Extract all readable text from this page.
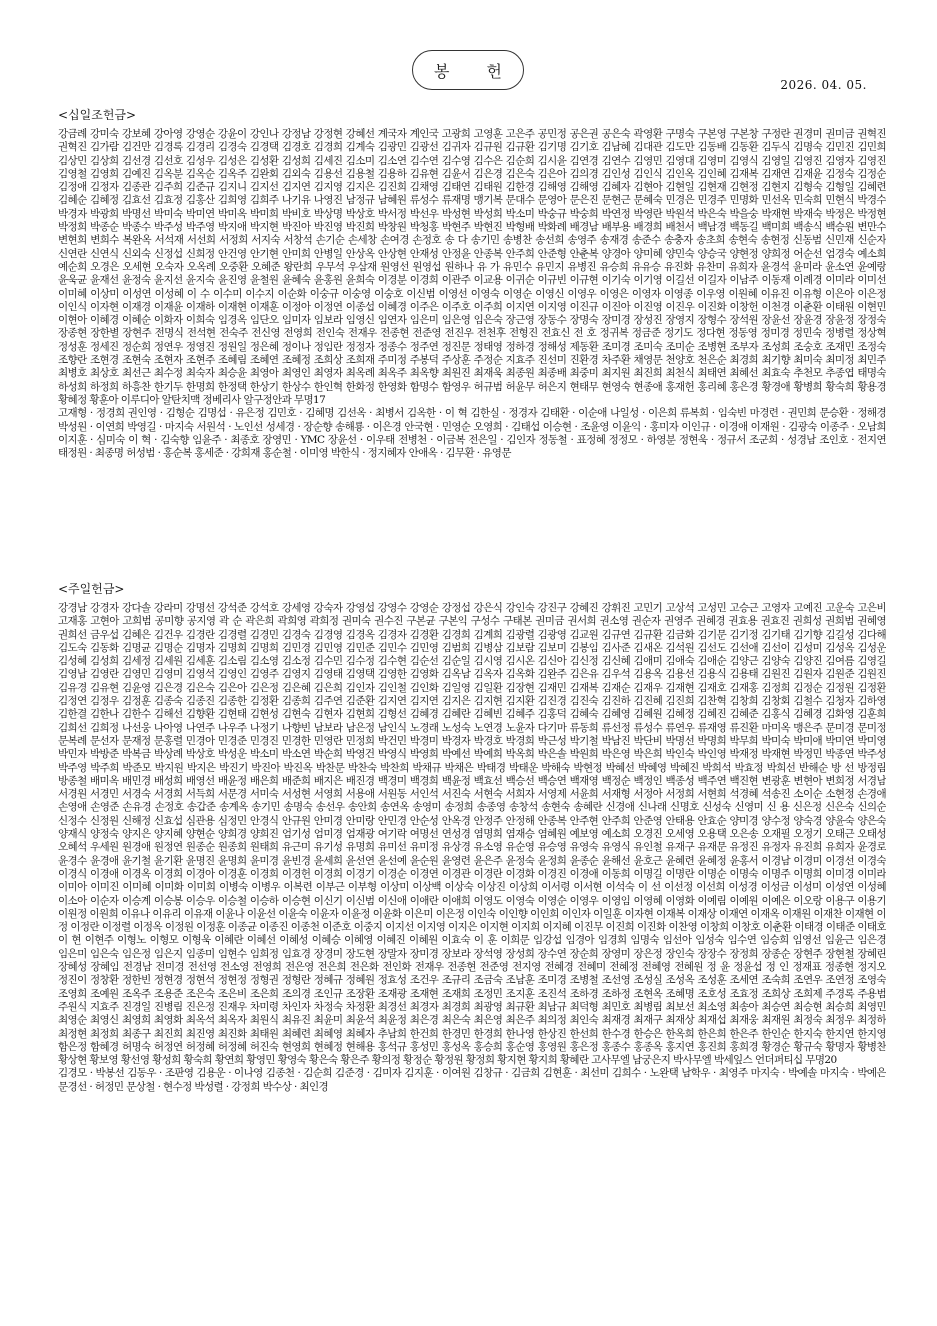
봉 헌
2026. 04. 05.
<십일조헌금>
강금례 강미숙 강보혜 강아영 강영순 강윤이 강인나 강정남 강정현 강혜선 계국자 계인국 고광희 고영훈 고은주 공민정 공은권 공은숙 곽영환 구명숙 구본영 구본창 구정란 권경미 권미금 권혁진 권혁진 김가람 김건만 김경록 김경리 김경숙 김경택 김경호 김경희 김계숙 김광민 김광선 김귀자 김규원 김규환 김기명 김기호 김남혜 김대관 김도만 김동배 김동환 김두식 김명숙 김민진 김민희 김상민 김상희 김선경 김선호 김성우 김성은 김성환 김성희 김세진 김소미 김소연 김수연 김수영 김수은 김순희 김시윤 김연경 김연수 김영민 김영대 김영미 김영식 김영일 김영진 김영자 김영진 김영철 김영희 김예진 김옥분 김옥순 김옥주 김완회 김외숙 김용선 김용철 김용하 김유현 김윤서 김은경 김은숙 김은아 김의경 김인성 김인식 김인옥 김인혜 김재복 김재연 김재윤 김정숙 김정순 김정애 김정자 김종관 김주희 김준규 김지니 김지선 김지연 김지영 김지은 김진희 김채영 김태연 김태원 김한경 김해영 김해영 김혜자 김현아 김현일 김현재 김현정 김현지 김형숙 김형일 김혜련 김혜순 김혜정 김효선 김효정 김홍산 김희영 김희주 나기유 나영진 남정규 남혜원 류성수 류재명 맹기복 문대수 문영아 문은진 문현근 문혜숙 민경은 민경주 민명화 민선옥 민숙희 민현식 박경수 박경자 박광희 박명선 박미숙 박미연 박미옥 박미희 박비호 박상명 박상호 박서정 박선우 박성현 박성희 박소미 박숭규 박숭희 박연정 박영란 박원석 박은숙 박을숭 박재현 박재숙 박정은 박정현 박정희 박종순 박종수 박주성 박주영 박지애 박지현 박진아 박진영 박진희 박창원 박청홍 박현주 박현진 박형배 박화례 배경남 배부용 배경희 배천서 백남경 백동길 백미희 백송식 백승원 변만수 변현희 변희수 복완옥 서석재 서선희 서정희 서지숙 서창석 손기순 손세창 손여경 손정호 송 다 송기민 송병찬 송선희 송영주 송재경 송준수 송충자 송초희 송현숙 송현정 신동범 신민재 신순자 신연란 신연식 신외숙 신정섭 신희정 안건영 안기현 안미희 안병일 안상옥 안상현 안재성 안정윤 안종복 안주희 안준형 안춘복 양경아 양미혜 양민숙 양승국 양현정 양희정 어순선 엄경숙 예소희 예순희 오경은 오세현 오숙자 오옥례 오중환 오혜준 왕란희 우무석 우삼재 원영선 원영섭 원하나 유 가 유민수 유민지 유병진 유승희 유유승 유진화 유찬미 유희자 윤경석 윤미라 윤소연 윤예랑 윤욱균 윤재선 윤정숙 윤지선 윤지숙 윤진영 윤철원 윤혜숙 윤홍원 윤희숙 이경분 이경희 이관주 이교용 이귀순 이규빈 이규현 이기숙 이기영 이길선 이길자 이남주 이동재 이례경 이미라 이미선 이미혜 이상미 이성연 이성혜 이 수 이수미 이수지 이순화 이숭규 이숭영 이숭호 이신범 이영선 이영숙 이영순 이영신 이영우 이영은 이영자 이영종 이우영 이원혜 이유진 이유형 이은아 이은정 이인식 이자현 이재경 이재윤 이재하 이재현 이재훈 이정아 이정연 이종섭 이혜경 이주은 이주호 이주희 이지연 이지영 이진규 이진아 이진영 이진우 이진화 이창헌 이천경 이춘환 이태원 이현민 이현아 이혜경 이혜순 이화자 이희숙 임경옥 임단오 임미자 임보라 임영신 임연자 임은미 임은영 임은숙 장근영 장동수 장명숙 장미경 장성진 장영지 장형수 장석원 장윤선 장윤경 장윤정 장정숙 장종현 장한별 장현주 전명식 전석현 전숙주 전신영 전영희 전인숙 전재우 전종현 전준영 전진우 전천후 전형진 전효신 전 호 정귀복 정금준 정기도 정다현 정동영 정미경 정민숙 정병렬 정상혁 정성훈 정세진 정순희 정연우 정영진 정원일 정은혜 정이나 정임란 정정자 정종수 정주연 정진문 정태영 정하경 정해성 제동환 조미경 조미숙 조미순 조병현 조부자 조성희 조숭호 조재민 조정숙 조향란 조현경 조현숙 조현자 조현주 조혜림 조혜연 조혜정 조희상 조희재 주미정 주봉덕 주상훈 주정순 지효주 진선미 진환경 차주환 채영문 천양호 천은순 최경희 최기향 최미숙 최미정 최민주 최병호 최상호 최선근 최수정 최숙자 최승윤 최영아 최영인 최영자 최옥례 최옥주 최옥향 최원진 최재욱 최종원 최종배 최중미 최지원 최진희 최천식 최태연 최혜선 최효숙 추천모 추종엽 태명숙 하성희 하정희 하흥찬 한기두 한명희 한정택 한상기 한상수 한인혁 한화정 한영화 함명수 함영우 허규범 허윤무 허은지 현태무 현영숙 현종애 홍재헌 홍리혜 홍은경 황경애 황병희 황숙희 황용경 황혜정 황훈아 이루디아 알탄치맥 정베리사 알구정안과 무명17
고재형 · 정경희 권인영 · 김형순 김명섭 · 유은정 김민호 · 김혜명 김선옥 · 최병서 김옥한 · 이 혁 김한실 · 정경자 김태환 · 이순애 나일성 · 이은희 류복희 · 임숙빈 마경련 · 권민희 문승환 · 정해경 박성원 · 이연희 박영길 · 마지숙 서원석 · 노인선 성세경 · 장순향 송해룡 · 이은경 안국현 · 민영순 오영희 · 김태섭 이승현 · 조윤영 이윤익 · 홍미자 이인규 · 이경애 이재원 · 김광숙 이종주 · 오남희 이지훈 · 심미숙 이 혁 · 김숙향 임윤주 · 최종호 장영민 · YMC 장윤선 · 이우태 전병천 · 이금복 전은일 · 김인자 정동철 · 표정혜 정정모 · 하영분 정현욱 · 정규서 조군희 · 성경남 조인호 · 전지연 태정원 · 최종명 허성범 · 홍순복 홍세준 · 강희재 홍순철 · 이미영 박한식 · 정지혜자 안애옥 · 김무환 · 유영문
<주일헌금>
강경남 강경자 강다솔 강라미 강명선 강석준 강석호 강세영 강숙자 강영섭 강영수 강영순 강정섭 강은식 강인숙 강진구 강혜진 강휘진 고민기 고상석 고성민 고승근 고영자 고예진 고운숙 고은비 고재홍 고현아 고희범 공미향 공지영 곽 순 곽은희 곽희영 곽희정 권미숙 권수진 구본균 구본익 구성수 구태본 권미금 권서희 권소영 권순자 권영주 권혜경 권효용 권효진 권희성 권희범 권혜영 권희선 금우섭 김혜은 김건우 김경란 김경렬 김경민 김경숙 김경영 김경옥 김경자 김경환 김경희 김계희 김광렬 김광영 김교원 김규연 김규환 김금화 김기문 김기정 김기태 김기향 김길성 김다해 김도숙 김동화 김명균 김명순 김명자 김명희 김명희 김민경 김민영 김민준 김민수 김민영 김범희 김병삼 김보람 김보미 김봉임 김사준 김새온 김석원 김선도 김선애 김선이 김성미 김성옥 김성운 김성혜 김성희 김세정 김세원 김세훈 김소림 김소영 김소정 김수민 김수정 김수현 김순선 김순일 김시영 김시온 김신아 김신정 김신혜 김애미 김애숙 김애순 김양근 김양숙 김양진 김여름 김영길 김영남 김영란 김영민 김영미 김영석 김영인 김영주 김영지 김영태 김영택 김영한 김영화 김옥남 김옥자 김옥화 김완주 김은유 김우석 김용옥 김용선 김용식 김용태 김원진 김원자 김원준 김원진 김유경 김유현 김윤영 김은경 김은숙 김은아 김은정 김은혜 김은희 김인자 김인철 김인화 김일영 김일환 김장현 김재민 김재복 김재순 김재우 김재현 김재호 김재홍 김정희 김정순 김정원 김정환 김정연 김정우 김정훈 김종숙 김종진 김종한 김정환 김종희 김주연 김준환 김지연 김지연 김지은 김지현 김지환 김진경 김진숙 김진하 김진혜 김진희 김찬혁 김창희 김창회 김철수 김청자 김하영 김한결 김한나 김한수 김해선 김향환 김현태 김현성 김현숙 김현자 김현희 김형선 김혜경 김혜란 김혜빈 김혜주 김홍덕 김혜숙 김혜영 김혜원 김혜정 김혜진 김혜준 김홍식 김혜경 김화영 김훈희 김희선 김희정 나선웅 나아영 나연주 나우주 나정기 나향빈 남보라 남은정 남인식 노경래 노성숙 노연경 노윤자 다기마 류동희 류선정 류성수 류연우 류재영 류진환 마미옥 맹은주 문미경 문미정 문복례 문선자 문재정 문홍렬 민경아 민경준 민경진 민경한 민영란 민정희 박건민 박경미 박경자 박경호 박경희 박근성 박기철 박남진 박단비 박명선 박명희 박무희 박미숙 박미애 박미연 박미영 박민자 박방준 박복금 박상례 박상호 박성운 박소미 박소연 박순희 박영건 박영식 박영희 박예선 박예희 박옥희 박은솔 박원희 박은영 박은희 박인숙 박인영 박재정 박재현 박정민 박종연 박주성 박주영 박주희 박준모 박지원 박지은 박진기 박진아 박진옥 박찬문 박찬숙 박찬희 박채규 박채은 박태경 박태운 박해숙 박현정 박혜선 박혜영 박혜진 박희석 박효정 박희선 반해순 방 선 방정림 방종철 배미옥 배민경 배성희 배영선 배윤정 배은희 배준희 배지은 배진경 백경미 백경희 백윤정 백효선 백승선 백승연 백재영 백정순 백정인 백종성 백주연 백진현 변광훈 변현아 변희정 서경남 서경원 서경민 서경숙 서경희 서득희 서문경 서미숙 서성현 서영희 서용애 서원동 서인석 서진숙 서현숙 서희자 서영제 서윤희 서재형 서정아 서정희 서현희 석경혜 석송진 소이순 소현정 손경애 손영애 손영준 손유경 손정호 송갑준 송계옥 송기민 송명숙 송선우 송안희 송연옥 송영미 송정희 송종영 송창석 송현숙 송혜란 신경애 신나래 신명호 신성숙 신영미 신 용 신은정 신은숙 신의순 신정수 신정원 신해정 신효섭 심관용 심정민 안경식 안규원 안미경 안미랑 안민경 안순성 안옥경 안정주 안정해 안종복 안주현 안주희 안준영 안태용 안효순 양미경 양수정 양숙경 양윤숙 양은숙 양재식 양정숙 양지은 양지혜 양현순 양희경 양희진 엄기성 엄미경 엄재광 여기락 여명선 연성경 염명희 염재승 염혜원 예보영 예소희 오경진 오세영 오용택 오은송 오재필 오정기 오태근 오태성 오혜석 우세원 원경애 원정연 원종순 원종희 원태희 유근미 유기성 유명희 유미선 유미정 유상경 유소영 유순영 유승영 유영숙 유영식 유인철 유재구 유재문 유정진 유정자 유진희 유희자 윤경로 윤경수 윤경애 윤기철 윤기환 윤명진 윤명희 윤미경 윤빈경 윤세희 윤선연 윤선예 윤순원 윤영련 윤은주 윤정숙 윤정희 윤종순 윤해선 윤호근 윤혜련 윤혜정 윤홍서 이경남 이경미 이경선 이경숙 이경식 이경애 이경옥 이경희 이경아 이경훈 이경희 이경헌 이경희 이경기 이경순 이경연 이경관 이경란 이경화 이경진 이경애 이동희 이명길 이명란 이명순 이명숙 이명주 이명희 이미경 이미라 이미아 이미진 이미혜 이미화 이미희 이병숙 이병우 이복련 이부근 이부형 이상미 이상백 이상숙 이상진 이상희 이서령 이서현 이석숙 이 선 이선정 이선희 이성경 이성금 이성미 이성연 이성혜 이소아 이순자 이승계 이승봉 이승우 이승철 이승하 이승현 이신기 이신범 이신애 이애란 이애희 이영도 이영숙 이영순 이영우 이영임 이영혜 이영화 이예림 이예원 이예은 이오랑 이용구 이용기 이원정 이원희 이유나 이유리 이유재 이윤나 이윤선 이윤숙 이윤자 이윤정 이윤화 이은미 이은정 이인숙 이인향 이인희 이인자 이일훈 이자현 이재복 이재상 이재연 이재옥 이재원 이재찬 이재현 이 정 이정란 이정렬 이정옥 이정원 이정훈 이종균 이종진 이종천 이준호 이중지 이지선 이지영 이지은 이지현 이지희 이지혜 이진무 이진희 이진화 이찬영 이창희 이창호 이춘환 이태경 이태준 이태호 이 현 이현주 이형노 이형모 이형욱 이혜란 이혜선 이혜성 이혜승 이혜영 이혜진 이혜원 이효숙 이 훈 이희문 임강섭 임경아 임경희 임명숙 임선아 임성숙 임수연 임승희 임영선 임윤근 임은경 임은미 임은숙 임은정 임은지 임종미 임현수 임희정 임효경 장경미 장도현 장말자 장미경 장보라 장석영 장성희 장수연 장순희 장영미 장은정 장인숙 장장수 장정희 장종순 장현주 장현철 장혜린 장혜성 장혜임 전경남 전미경 전선영 전소영 전영희 전은영 전은희 전은화 전인화 전재우 전종현 전준영 전지영 전혜경 전혜미 전혜정 전혜영 전혜원 정 윤 정윤섭 정 인 정재표 정종현 정지오 정진이 정창환 정한빈 정현경 정현석 정현정 정형권 정형란 정혜규 정혜원 정효성 조건우 조규리 조금숙 조남훈 조미경 조병철 조선영 조성실 조성옥 조성훈 조세연 조숙희 조연우 조연정 조영숙 조영희 조예원 조옥주 조용준 조은숙 조은비 조은희 조의경 조인규 조장환 조재광 조재현 조재희 조정민 조지훈 조진석 조하경 조하정 조현옥 조혜명 조호성 조효정 조희상 조희제 주경록 주용범 주원식 지효주 진경일 진병림 진은정 진재우 차미령 차인자 차정숙 차정환 최경선 최경자 최경희 최광영 최규환 최남규 최덕형 최민호 최병림 최보선 최소영 최송아 최승연 최승현 최승희 최영민 최영순 최영신 최영희 최영화 최옥석 최옥자 최원식 최유진 최윤미 최윤석 최윤정 최은경 최은숙 최은영 최은주 최의정 최인숙 최재경 최재구 최재상 최재섭 최재웅 최재원 최정숙 최정우 최정하 최정현 최정희 최종구 최진희 최진영 최진화 최태원 최혜련 최혜영 최혜자 추남희 한건희 한경민 한경희 한나영 한상진 한선희 한수경 한승은 한옥희 한은희 한은주 한인순 한지숙 한지연 한지영 함은정 함혜경 허명숙 허정연 허정혜 허정혜 허진숙 현영희 현혜정 현해용 홍석규 홍성민 홍성옥 홍승희 홍순영 홍영원 홍은정 홍종수 홍종옥 홍지연 홍진희 홍희경 황경순 황규숙 황명자 황병찬 황상현 황보영 황선영 황성희 황숙희 황연희 황영민 황영숙 황은숙 황은주 황의정 황정순 황정원 황정희 황지현 황지희 황혜란 고사무엘 남궁은지 박사무엘 박세잎스 언더퍼티십 무명20
김경모 · 박봉선 김동우 · 조판영 김용운 · 이나영 김종천 · 김순희 김준경 · 김미자 김지훈 · 이여원 김창규 · 김금희 김현훈 · 최선미 김희수 · 노완택 남학우 · 최영주 마지숙 · 박예솔 마지숙 · 박예은 문경선 · 허정민 문상철 · 현수정 박성렬 · 강정희 박수상 · 최인경
